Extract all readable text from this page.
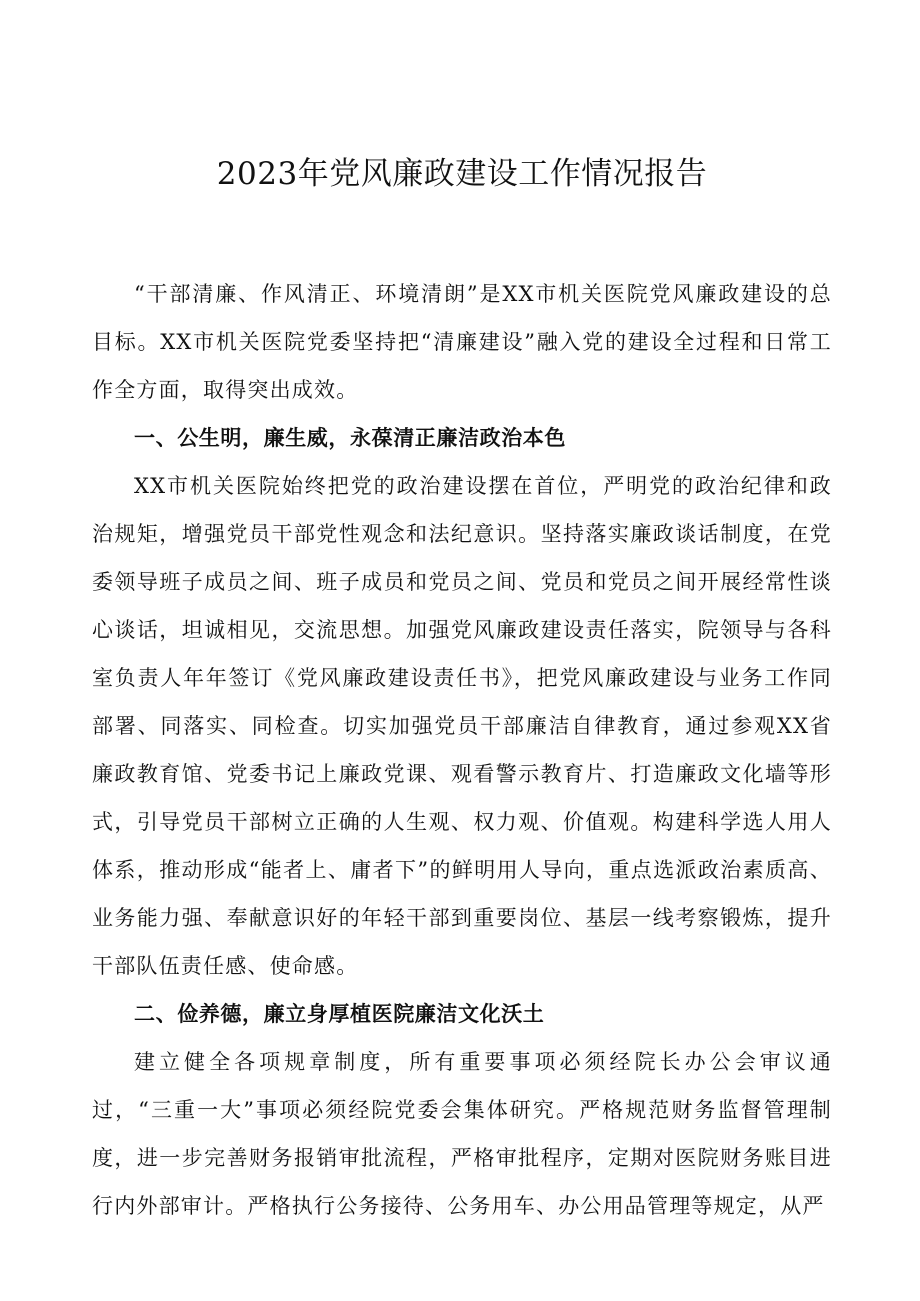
2023年党风廉政建设工作情况报告

“干部清廉、作风清正、环境清朗”是XX市机关医院党风廉政建设的总目标。XX市机关医院党委坚持把“清廉建设”融入党的建设全过程和日常工作全方面，取得突出成效。

一、公生明，廉生威，永葆清正廉洁政治本色

XX市机关医院始终把党的政治建设摆在首位，严明党的政治纪律和政治规矩，增强党员干部党性观念和法纪意识。坚持落实廉政谈话制度，在党委领导班子成员之间、班子成员和党员之间、党员和党员之间开展经常性谈心谈话，坦诚相见，交流思想。加强党风廉政建设责任落实，院领导与各科室负责人年年签订《党风廉政建设责任书》，把党风廉政建设与业务工作同部署、同落实、同检查。切实加强党员干部廉洁自律教育，通过参观XX省廉政教育馆、党委书记上廉政党课、观看警示教育片、打造廉政文化墙等形式，引导党员干部树立正确的人生观、权力观、价值观。构建科学选人用人体系，推动形成“能者上、庸者下”的鲜明用人导向，重点选派政治素质高、业务能力强、奉献意识好的年轻干部到重要岗位、基层一线考察锻炼，提升干部队伍责任感、使命感。

二、俭养德，廉立身厚植医院廉洁文化沃土

建立健全各项规章制度，所有重要事项必须经院长办公会审议通过，“三重一大”事项必须经院党委会集体研究。严格规范财务监督管理制度，进一步完善财务报销审批流程，严格审批程序，定期对医院财务账目进行内外部审计。严格执行公务接待、公务用车、办公用品管理等规定，从严
